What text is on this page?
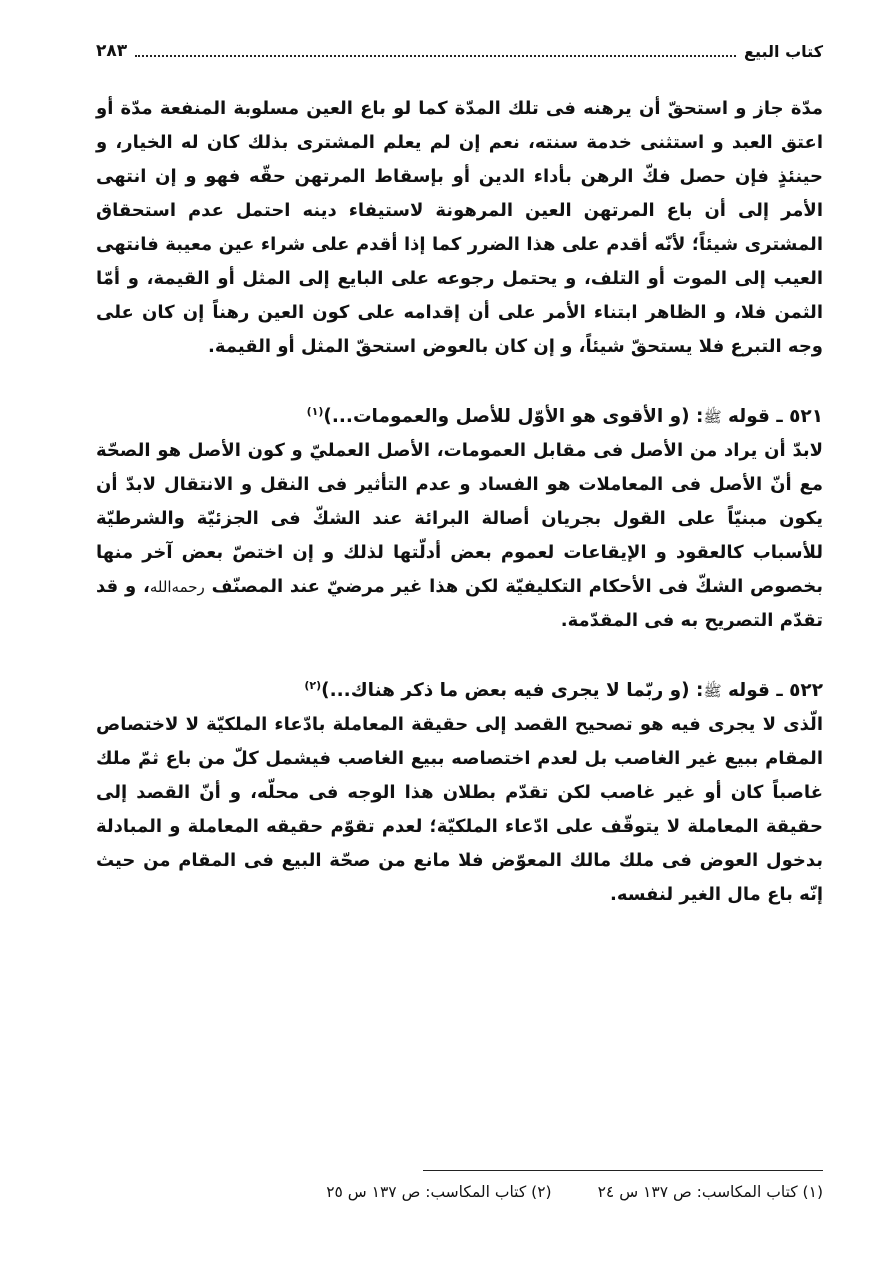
كتاب البيع
٢٨٣

مدّة جاز و استحقّ أن يرهنه فى تلك المدّة كما لو باع العين مسلوبة المنفعة مدّة أو اعتق العبد و استثنى خدمة سنته، نعم إن لم يعلم المشترى بذلك كان له الخيار، و حينئذٍ فإن حصل فكّ الرهن بأداء الدين أو بإسقاط المرتهن حقّه فهو و إن انتهى الأمر إلى أن باع المرتهن العين المرهونة لاستيفاء دينه احتمل عدم استحقاق المشترى شيئاً؛ لأنّه أقدم على هذا الضرر كما إذا أقدم على شراء عين معيبة فانتهى العيب إلى الموت أو التلف، و يحتمل رجوعه على البايع إلى المثل أو القيمة، و أمّا الثمن فلا، و الظاهر ابتناء الأمر على أن إقدامه على كون العين رهناً إن كان على وجه التبرع فلا يستحقّ شيئاً، و إن كان بالعوض استحقّ المثل أو القيمة.

٥٢١ ـ قوله ﷺ: (و الأقوى هو الأوّل للأصل والعمومات...)$^{(١)}$

لابدّ أن يراد من الأصل فى مقابل العمومات، الأصل العمليّ و كون الأصل هو الصحّة مع أنّ الأصل فى المعاملات هو الفساد و عدم التأثير فى النقل و الانتقال لابدّ أن يكون مبنيّاً على القول بجريان أصالة البرائة عند الشكّ فى الجزئيّة والشرطيّة للأسباب كالعقود و الإيقاعات لعموم بعض أدلّتها لذلك و إن اختصّ بعض آخر منها بخصوص الشكّ فى الأحكام التكليفيّة لكن هذا غير مرضيّ عند المصنّف رحمه‌الله، و قد تقدّم التصريح به فى المقدّمة.

٥٢٢ ـ قوله ﷺ: (و ربّما لا يجرى فيه بعض ما ذكر هناك...)$^{(٢)}$

الّذى لا يجرى فيه هو تصحيح القصد إلى حقيقة المعاملة بادّعاء الملكيّة لا لاختصاص المقام ببيع غير الغاصب بل لعدم اختصاصه ببيع الغاصب فيشمل كلّ من باع ثمّ ملك غاصباً كان أو غير غاصب لكن تقدّم بطلان هذا الوجه فى محلّه، و أنّ القصد إلى حقيقة المعاملة لا يتوقّف على ادّعاء الملكيّة؛ لعدم تقوّم حقيقه المعاملة و المبادلة بدخول العوض فى ملك مالك المعوّض فلا مانع من صحّة البيع فى المقام من حيث إنّه باع مال الغير لنفسه.

(١) كتاب المكاسب: ص ١٣٧ س ٢٤
(٢) كتاب المكاسب: ص ١٣٧ س ٢٥
